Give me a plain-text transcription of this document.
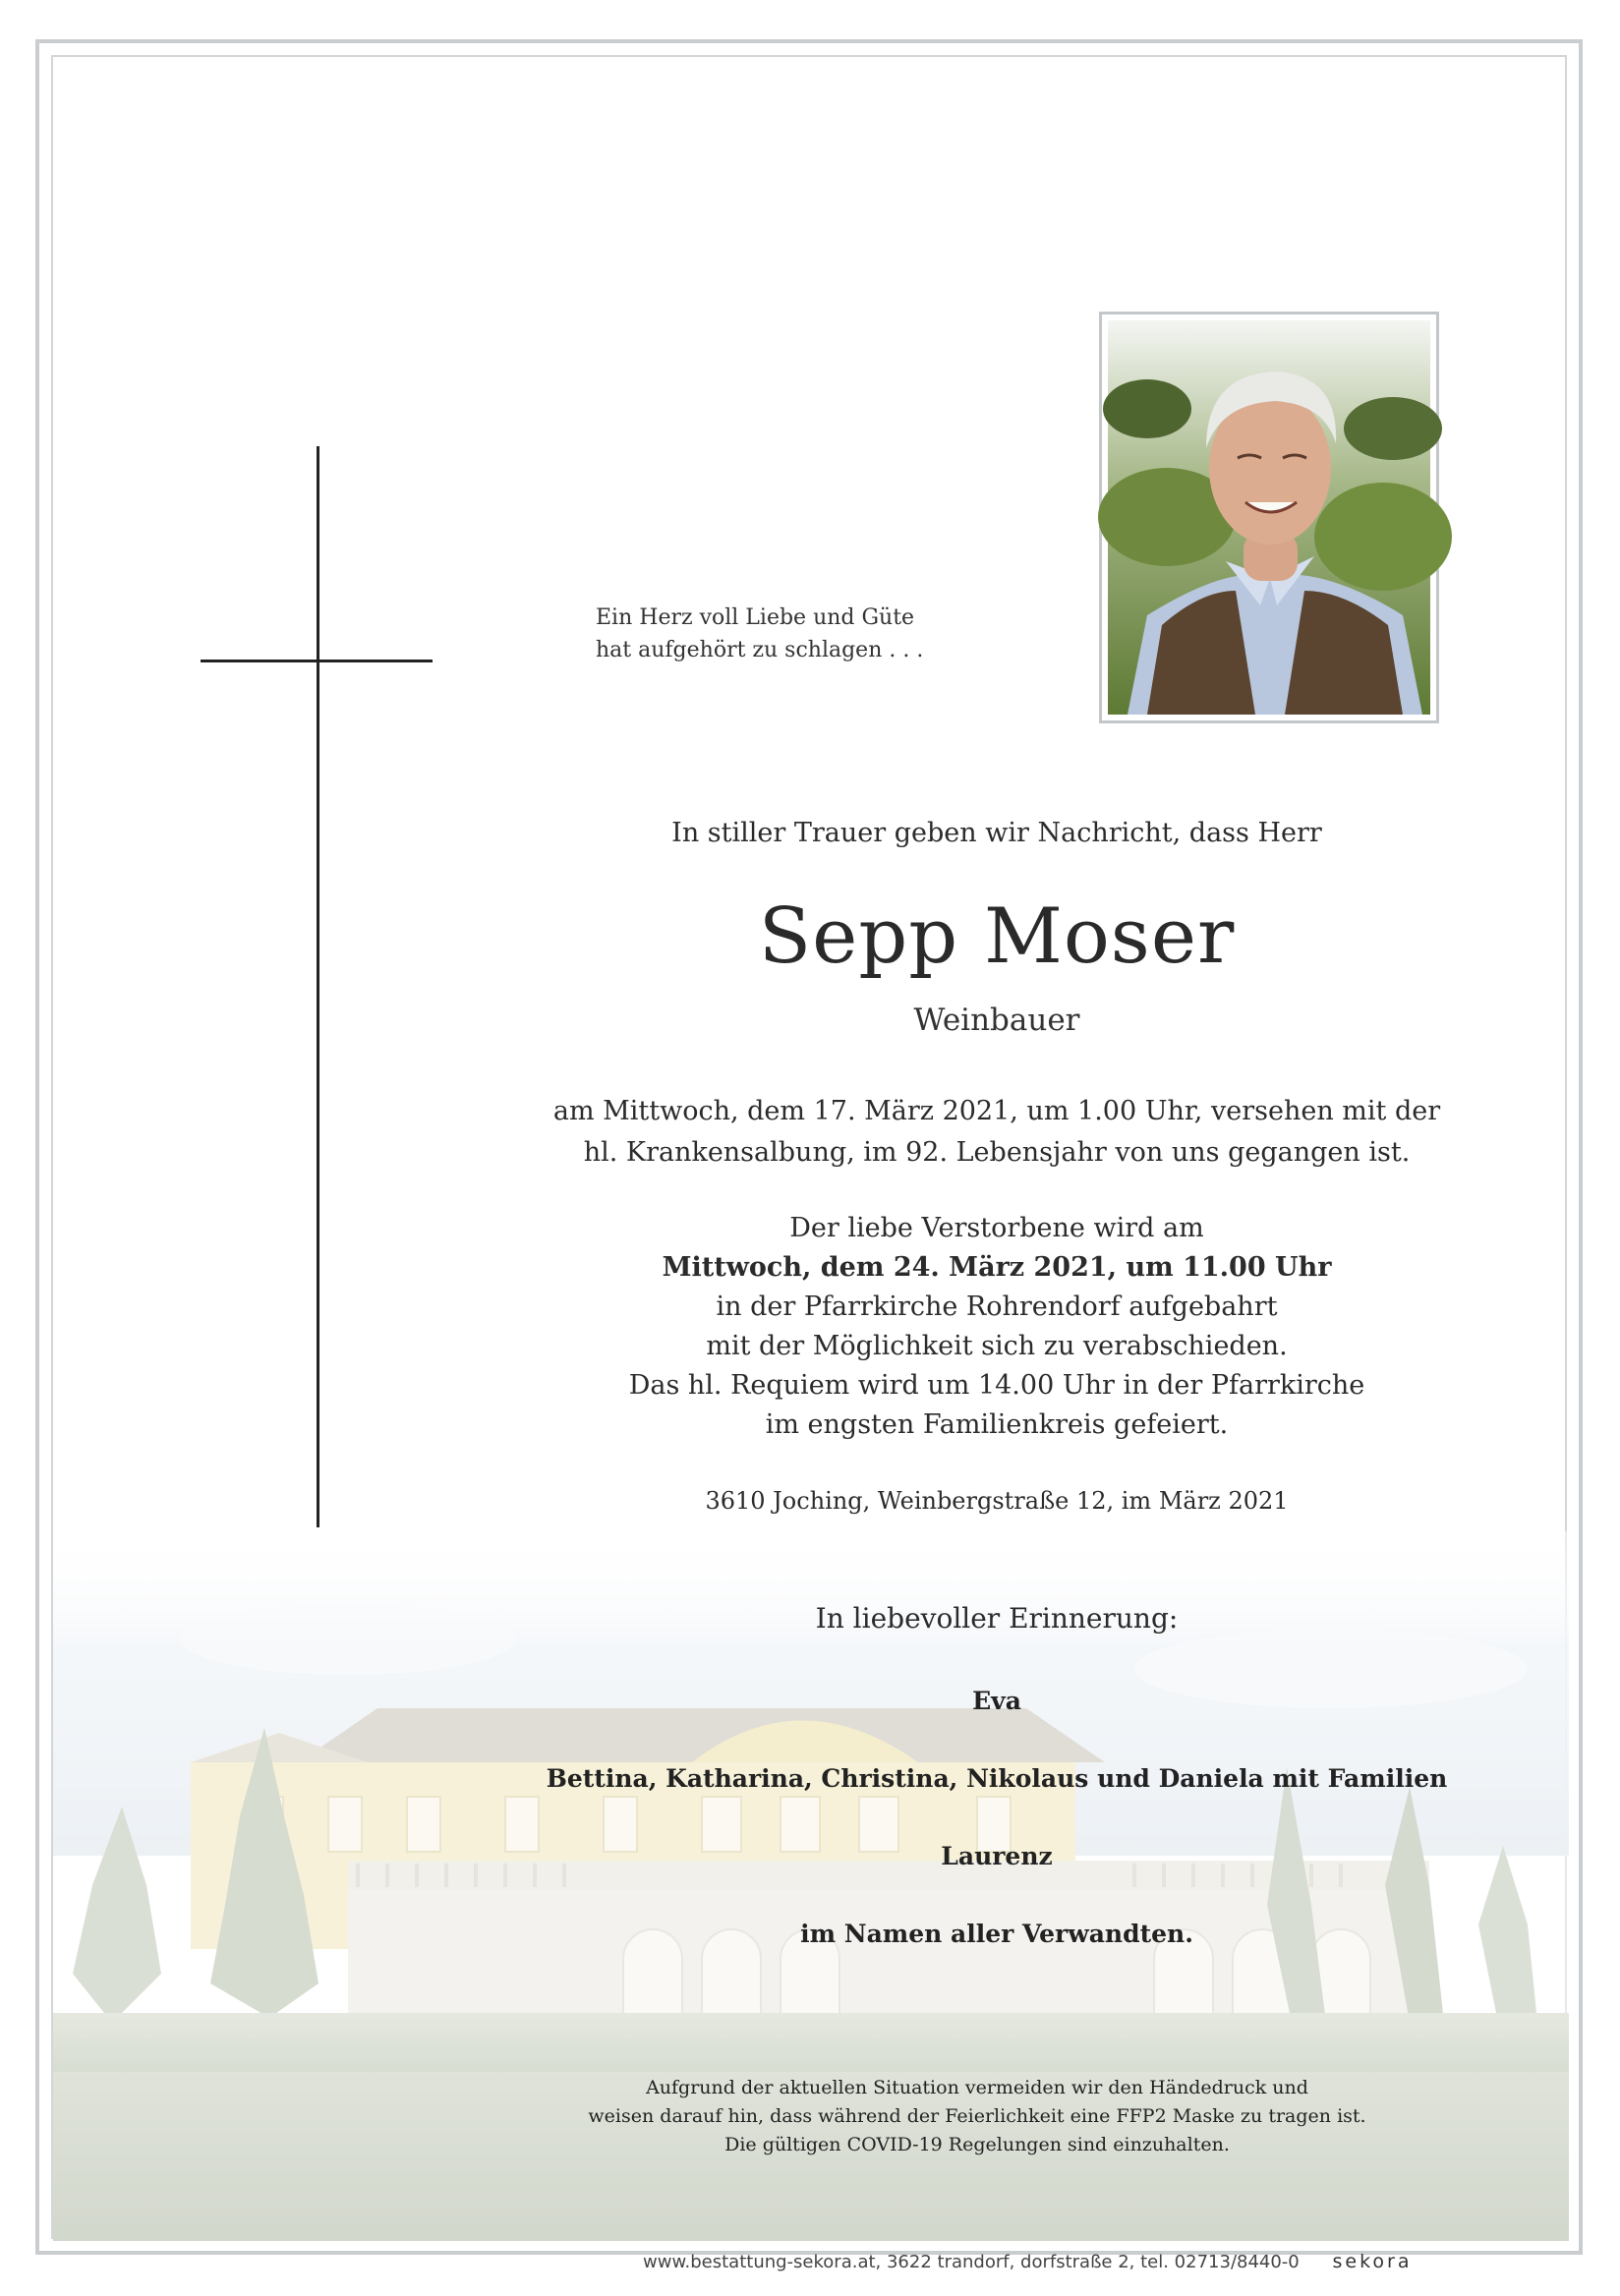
Ein Herz voll Liebe und Güte
hat aufgehört zu schlagen . . .
In stiller Trauer geben wir Nachricht, dass Herr
Sepp Moser
Weinbauer
am Mittwoch, dem 17. März 2021, um 1.00 Uhr, versehen mit der
hl. Krankensalbung, im 92. Lebensjahr von uns gegangen ist.
Der liebe Verstorbene wird am
Mittwoch, dem 24. März 2021, um 11.00 Uhr
in der Pfarrkirche Rohrendorf aufgebahrt
mit der Möglichkeit sich zu verabschieden.
Das hl. Requiem wird um 14.00 Uhr in der Pfarrkirche
im engsten Familienkreis gefeiert.
3610 Joching, Weinbergstraße 12, im März 2021
In liebevoller Erinnerung:
Eva
Bettina, Katharina, Christina, Nikolaus und Daniela mit Familien
Laurenz
im Namen aller Verwandten.
Aufgrund der aktuellen Situation vermeiden wir den Händedruck und
weisen darauf hin, dass während der Feierlichkeit eine FFP2 Maske zu tragen ist.
Die gültigen COVID-19 Regelungen sind einzuhalten.
www.bestattung-sekora.at, 3622 trandorf, dorfstraße 2, tel. 02713/8440-0 sekora
